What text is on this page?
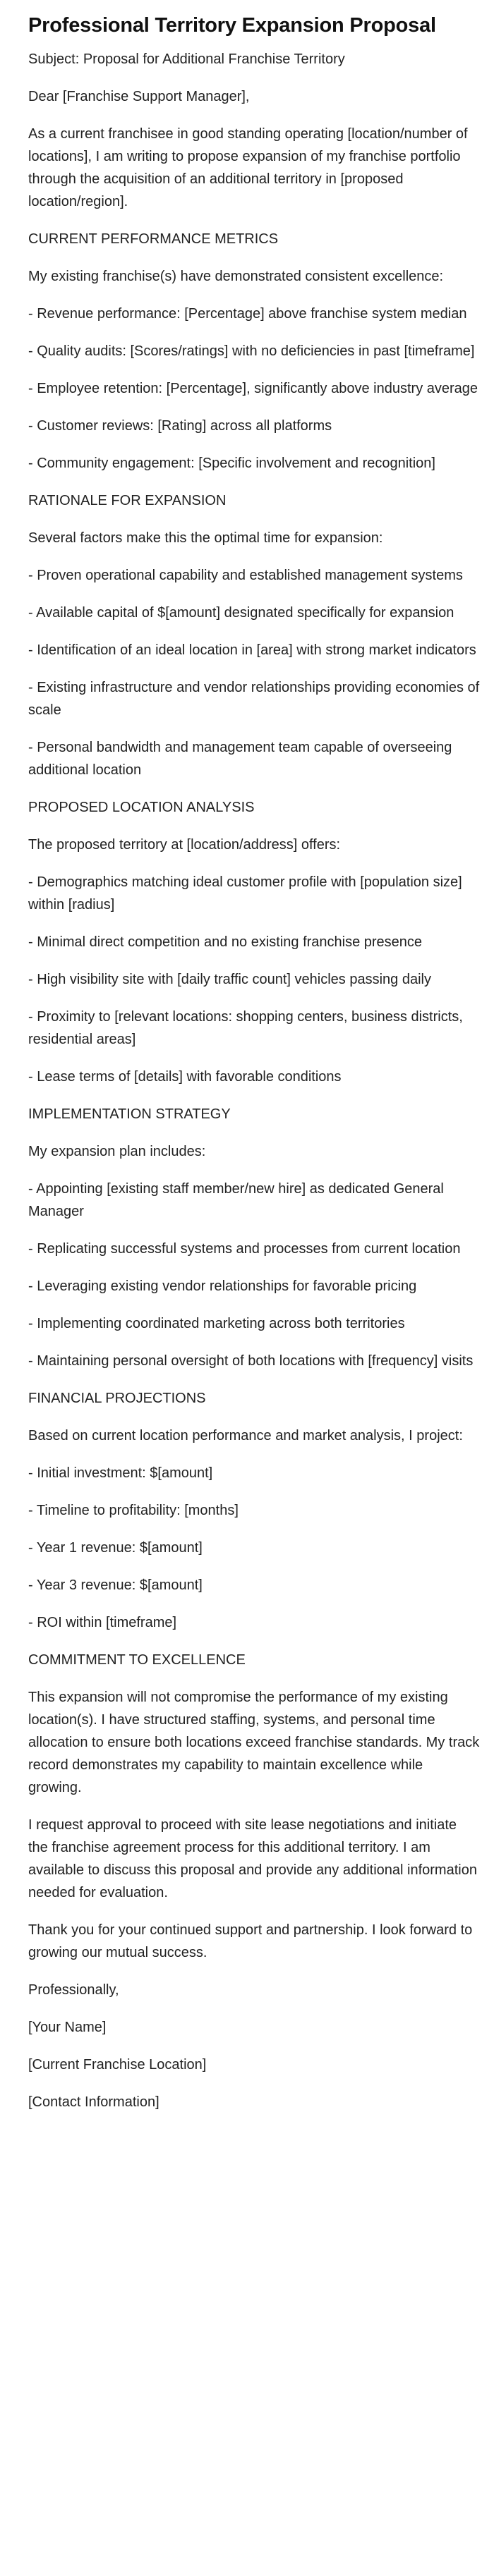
Professional Territory Expansion Proposal

Subject: Proposal for Additional Franchise Territory

Dear [Franchise Support Manager],

As a current franchisee in good standing operating [location/number of locations], I am writing to propose expansion of my franchise portfolio through the acquisition of an additional territory in [proposed location/region].

CURRENT PERFORMANCE METRICS

My existing franchise(s) have demonstrated consistent excellence:

- Revenue performance: [Percentage] above franchise system median

- Quality audits: [Scores/ratings] with no deficiencies in past [timeframe]

- Employee retention: [Percentage], significantly above industry average

- Customer reviews: [Rating] across all platforms

- Community engagement: [Specific involvement and recognition]

RATIONALE FOR EXPANSION

Several factors make this the optimal time for expansion:

- Proven operational capability and established management systems

- Available capital of $[amount] designated specifically for expansion

- Identification of an ideal location in [area] with strong market indicators

- Existing infrastructure and vendor relationships providing economies of scale

- Personal bandwidth and management team capable of overseeing additional location

PROPOSED LOCATION ANALYSIS

The proposed territory at [location/address] offers:

- Demographics matching ideal customer profile with [population size] within [radius]

- Minimal direct competition and no existing franchise presence

- High visibility site with [daily traffic count] vehicles passing daily

- Proximity to [relevant locations: shopping centers, business districts, residential areas]

- Lease terms of [details] with favorable conditions

IMPLEMENTATION STRATEGY

My expansion plan includes:

- Appointing [existing staff member/new hire] as dedicated General Manager

- Replicating successful systems and processes from current location

- Leveraging existing vendor relationships for favorable pricing

- Implementing coordinated marketing across both territories

- Maintaining personal oversight of both locations with [frequency] visits

FINANCIAL PROJECTIONS

Based on current location performance and market analysis, I project:

- Initial investment: $[amount]

- Timeline to profitability: [months]

- Year 1 revenue: $[amount]

- Year 3 revenue: $[amount]

- ROI within [timeframe]

COMMITMENT TO EXCELLENCE

This expansion will not compromise the performance of my existing location(s). I have structured staffing, systems, and personal time allocation to ensure both locations exceed franchise standards. My track record demonstrates my capability to maintain excellence while growing.

I request approval to proceed with site lease negotiations and initiate the franchise agreement process for this additional territory. I am available to discuss this proposal and provide any additional information needed for evaluation.

Thank you for your continued support and partnership. I look forward to growing our mutual success.

Professionally,

[Your Name]

[Current Franchise Location]

[Contact Information]
